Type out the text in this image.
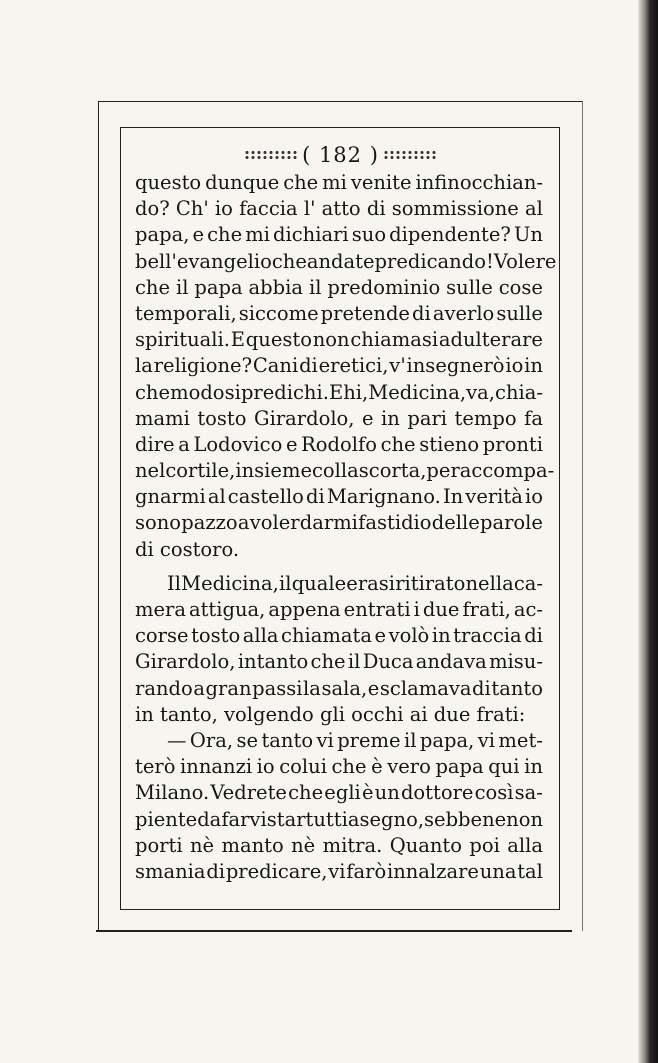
( 182 )
questo dunque che mi venite infinocchian-
do? Ch' io faccia l' atto di sommissione al
papa, e che mi dichiari suo dipendente? Un
bell' evangelio che andate predicando! Volere
che il papa abbia il predominio sulle cose
temporali, siccome pretende di averlo sulle
spirituali. E questo non chiamasi adulterare
la religione? Cani di eretici, v' insegnerò io in
che modo si predichi. Ehi, Medicina, va, chia-
mami tosto Girardolo, e in pari tempo fa
dire a Lodovico e Rodolfo che stieno pronti
nel cortile, insieme colla scorta, per accompa-
gnarmi al castello di Marignano. In verità io
sono pazzo a voler darmi fastidio delle parole
di costoro.
Il Medicina, il quale erasi ritirato nella ca-
mera attigua, appena entrati i due frati, ac-
corse tosto alla chiamata e volò in traccia di
Girardolo, intanto che il Duca andava misu-
rando a gran passi la sala, e sclamava di tanto
in tanto, volgendo gli occhi ai due frati:
— Ora, se tanto vi preme il papa, vi met-
terò innanzi io colui che è vero papa qui in
Milano. Vedrete che egli è un dottore così sa-
piente da farvi star tutti a segno, sebbene non
porti nè manto nè mitra. Quanto poi alla
smania di predicare, vi farò innalzare una tal
